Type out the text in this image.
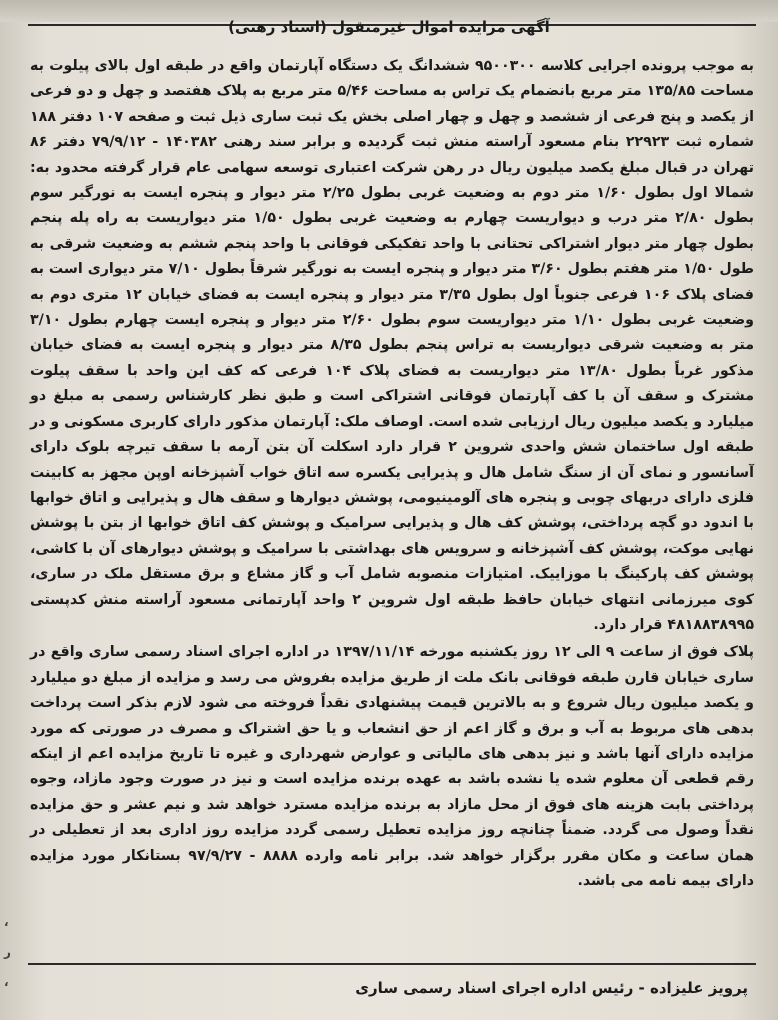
آگهی مزایده اموال غیرمنقول (اسناد رهنی)

به موجب پرونده اجرایی کلاسه ۹۵۰۰۳۰۰ ششدانگ یک دستگاه آپارتمان واقع در طبقه اول بالای پیلوت به مساحت ۱۳۵/۸۵ متر مربع بانضمام یک تراس به مساحت ۵/۴۶ متر مربع به پلاک هفتصد و چهل و دو فرعی از یکصد و پنج فرعی از ششصد و چهل و چهار اصلی بخش یک ثبت ساری ذیل ثبت و صفحه ۱۰۷ دفتر ۱۸۸ شماره ثبت ۲۲۹۲۳ بنام مسعود آراسته منش ثبت گردیده و برابر سند رهنی ۱۴۰۳۸۲ - ۷۹/۹/۱۲ دفتر ۸۶ تهران در قبال مبلغ یکصد میلیون ریال در رهن شرکت اعتباری توسعه سهامی عام قرار گرفته محدود به: شمالا اول بطول ۱/۶۰ متر دوم به وضعیت غربی بطول ۲/۲۵ متر دیوار و پنجره ایست به نورگیر سوم بطول ۲/۸۰ متر درب و دیواریست چهارم به وضعیت غربی بطول ۱/۵۰ متر دیواریست به راه پله پنجم بطول چهار متر دیوار اشتراکی تحتانی با واحد تفکیکی فوقانی با واحد پنجم ششم به وضعیت شرقی به طول ۱/۵۰ متر هفتم بطول ۳/۶۰ متر دیوار و پنجره ایست به نورگیر شرقاً بطول ۷/۱۰ متر دیواری است به فضای پلاک ۱۰۶ فرعی جنوباً اول بطول ۳/۳۵ متر دیوار و پنجره ایست به فضای خیابان ۱۲ متری دوم به وضعیت غربی بطول ۱/۱۰ متر دیواریست سوم بطول ۲/۶۰ متر دیوار و پنجره ایست چهارم بطول ۳/۱۰ متر به وضعیت شرقی دیواریست به تراس پنجم بطول ۸/۳۵ متر دیوار و پنجره ایست به فضای خیابان مذکور غرباً بطول ۱۳/۸۰ متر دیواریست به فضای پلاک ۱۰۴ فرعی که کف این واحد با سقف پیلوت مشترک و سقف آن با کف آپارتمان فوقانی اشتراکی است و طبق نظر کارشناس رسمی به مبلغ دو میلیارد و یکصد میلیون ریال ارزیابی شده است. اوصاف ملک: آپارتمان مذکور دارای کاربری مسکونی و در طبقه اول ساختمان شش واحدی شروین ۲ قرار دارد اسکلت آن بتن آرمه با سقف تیرچه بلوک دارای آسانسور و نمای آن از سنگ شامل هال و پذیرایی یکسره سه اتاق خواب آشپزخانه اوپن مجهز به کابینت فلزی دارای دربهای چوبی و پنجره های آلومینیومی، پوشش دیوارها و سقف هال و پذیرایی و اتاق خوابها با اندود دو گچه پرداختی، پوشش کف هال و پذیرایی سرامیک و پوشش کف اتاق خوابها از بتن با پوشش نهایی موکت، پوشش کف آشپزخانه و سرویس های بهداشتی با سرامیک و پوشش دیوارهای آن با کاشی، پوشش کف پارکینگ با موزاییک. امتیازات منصوبه شامل آب و گاز مشاع و برق مستقل ملک در ساری، کوی میرزمانی انتهای خیابان حافظ طبقه اول شروین ۲ واحد آپارتمانی مسعود آراسته منش کدپستی ۴۸۱۸۸۳۸۹۹۵ قرار دارد.

پلاک فوق از ساعت ۹ الی ۱۲ روز یکشنبه مورخه ۱۳۹۷/۱۱/۱۴ در اداره اجرای اسناد رسمی ساری واقع در ساری خیابان قارن طبقه فوقانی بانک ملت از طریق مزایده بفروش می رسد و مزایده از مبلغ دو میلیارد و یکصد میلیون ریال شروع و به بالاترین قیمت پیشنهادی نقداً فروخته می شود لازم بذکر است پرداخت بدهی های مربوط به آب و برق و گاز اعم از حق انشعاب و یا حق اشتراک و مصرف در صورتی که مورد مزایده دارای آنها باشد و نیز بدهی های مالیاتی و عوارض شهرداری و غیره تا تاریخ مزایده اعم از اینکه رقم قطعی آن معلوم شده یا نشده باشد به عهده برنده مزایده است و نیز در صورت وجود مازاد، وجوه پرداختی بابت هزینه های فوق از محل مازاد به برنده مزایده مسترد خواهد شد و نیم عشر و حق مزایده نقداً وصول می گردد. ضمناً چنانچه روز مزایده تعطیل رسمی گردد مزایده روز اداری بعد از تعطیلی در همان ساعت و مکان مقرر برگزار خواهد شد. برابر نامه وارده ۸۸۸۸ - ۹۷/۹/۲۷ بستانکار مورد مزایده دارای بیمه نامه می باشد.

پرویز علیزاده - رئیس اداره اجرای اسناد رسمی ساری
،
ر
،
